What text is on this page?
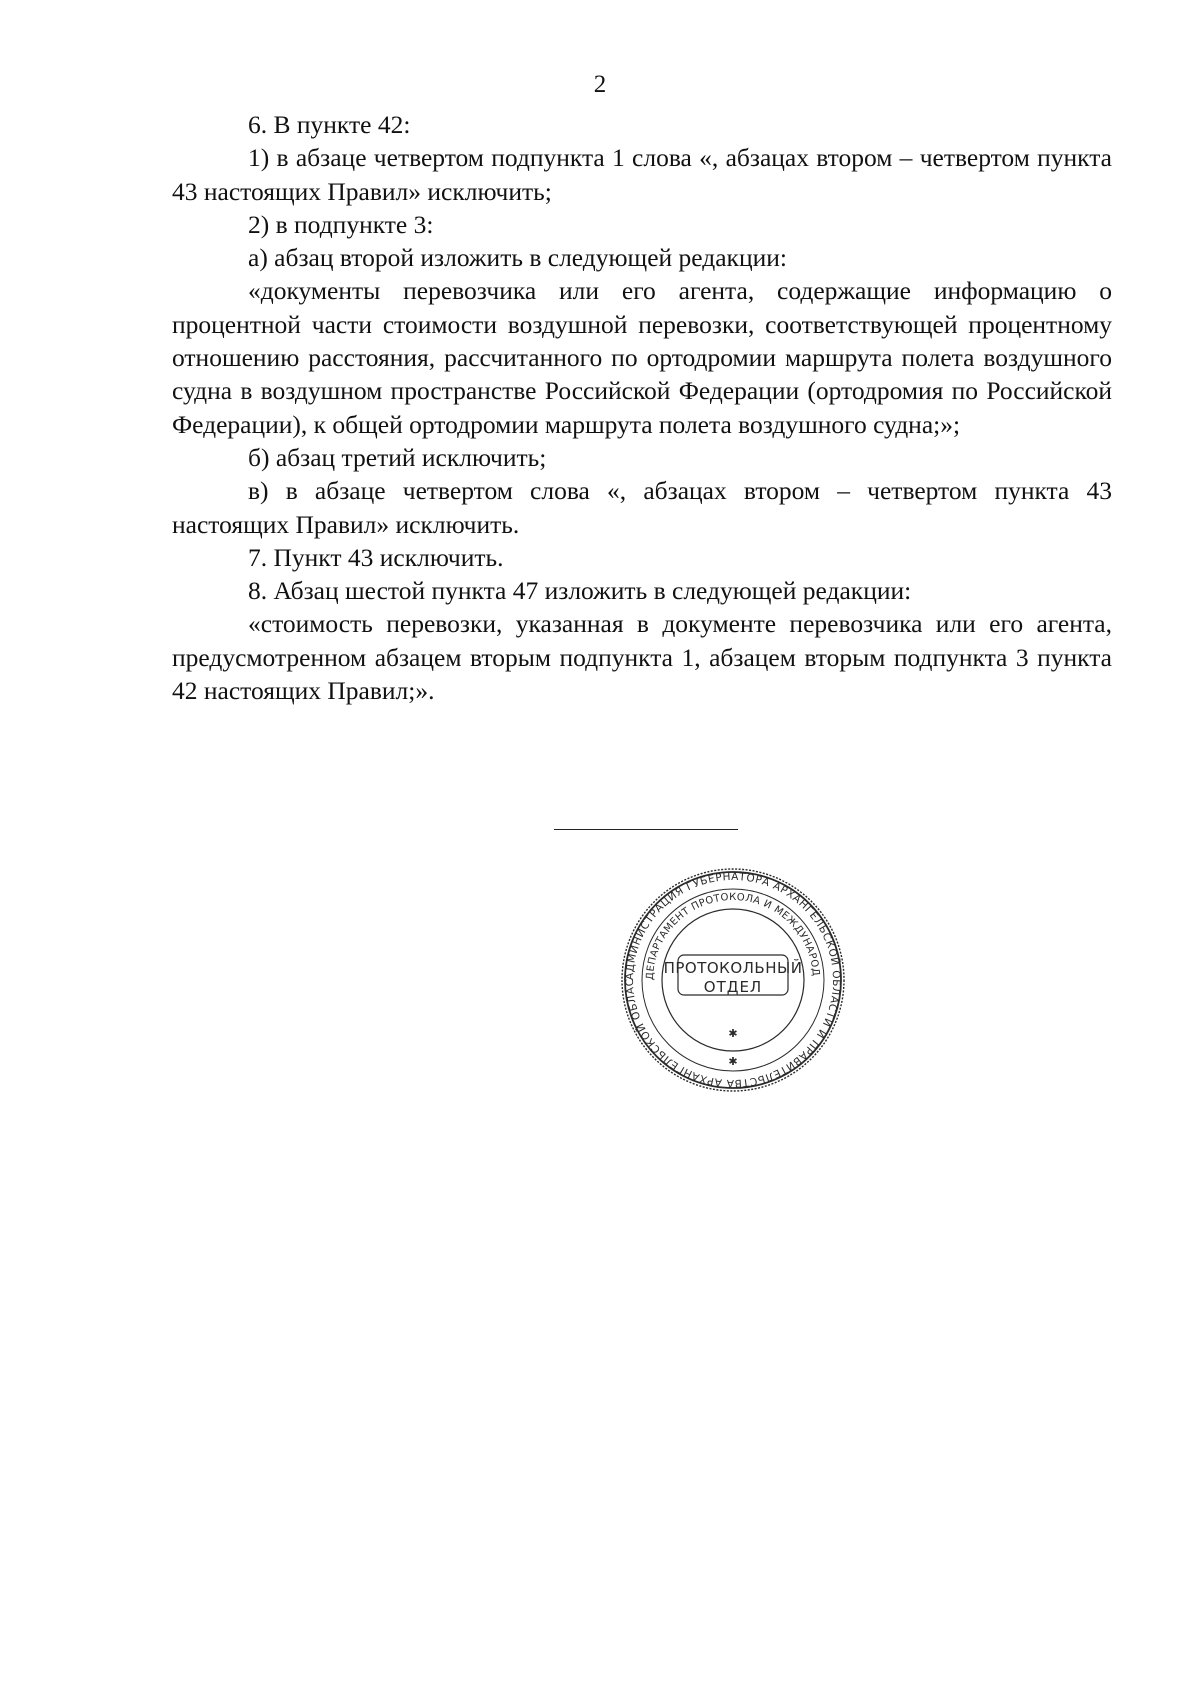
2

6. В пункте 42:

1) в абзаце четвертом подпункта 1 слова «, абзацах втором – четвертом пункта 43 настоящих Правил» исключить;

2) в подпункте 3:

а) абзац второй изложить в следующей редакции:

«документы перевозчика или его агента, содержащие информацию о процентной части стоимости воздушной перевозки, соответствующей процентному отношению расстояния, рассчитанного по ортодромии маршрута полета воздушного судна в воздушном пространстве Российской Федерации (ортодромия по Российской Федерации), к общей ортодромии маршрута полета воздушного судна;»;

б) абзац третий исключить;

в) в абзаце четвертом слова «, абзацах втором – четвертом пункта 43 настоящих Правил» исключить.

7. Пункт 43 исключить.

8. Абзац шестой пункта 47 изложить в следующей редакции:

«стоимость перевозки, указанная в документе перевозчика или его агента, предусмотренном абзацем вторым подпункта 1, абзацем вторым подпункта 3 пункта 42 настоящих Правил;».

АДМИНИСТРАЦИЯ ГУБЕРНАТОРА АРХАНГЕЛЬСКОЙ ОБЛАСТИ И ПРАВИТЕЛЬСТВА АРХАНГЕЛЬСКОЙ ОБЛАС
ДЕПАРТАМЕНТ ПРОТОКОЛА И МЕЖДУНАРОД
ПРОТОКОЛЬНЫЙ
ОТДЕЛ
✱
✱
